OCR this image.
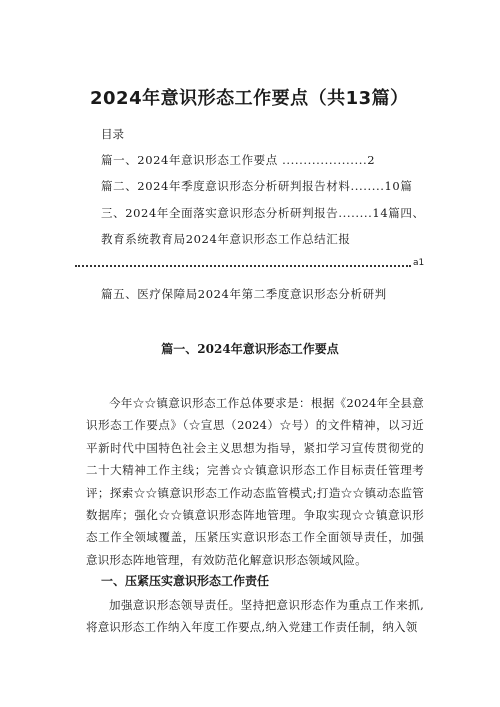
2024年意识形态工作要点（共13篇）
目录
篇一、2024年意识形态工作要点 ....................2
篇二、2024年季度意识形态分析研判报告材料........10篇
三、2024年全面落实意识形态分析研判报告........14篇四、
教育系统教育局2024年意识形态工作总结汇报
a1
篇五、医疗保障局2024年第二季度意识形态分析研判
篇一、2024年意识形态工作要点
今年☆☆镇意识形态工作总体要求是：根据《2024年全县意识形态工作要点》（☆宣思（2024）☆号）的文件精神，以习近平新时代中国特色社会主义思想为指导，紧扣学习宣传贯彻党的二十大精神工作主线；完善☆☆镇意识形态工作目标责任管理考评；探索☆☆镇意识形态工作动态监管模式;打造☆☆镇动态监管数据库；强化☆☆镇意识形态阵地管理。争取实现☆☆镇意识形态工作全领域覆盖，压紧压实意识形态工作全面领导责任，加强意识形态阵地管理，有效防范化解意识形态领域风险。
一、压紧压实意识形态工作责任
加强意识形态领导责任。坚持把意识形态作为重点工作来抓,将意识形态工作纳入年度工作要点,纳入党建工作责任制，纳入领
